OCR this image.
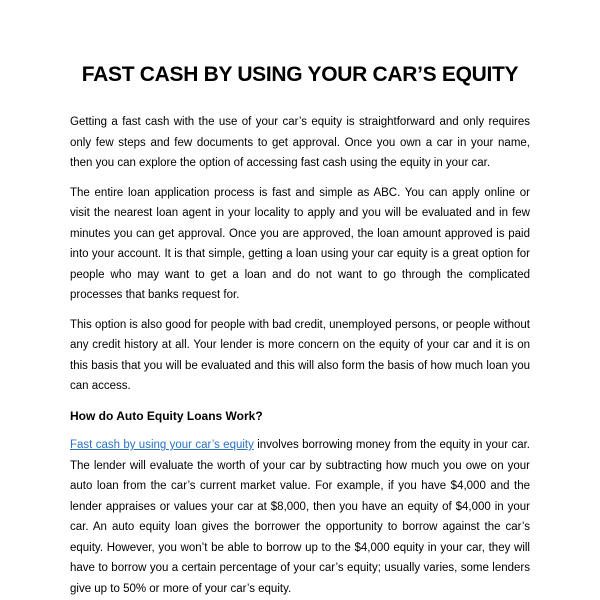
FAST CASH BY USING YOUR CAR’S EQUITY

Getting a fast cash with the use of your car’s equity is straightforward and only requires only few steps and few documents to get approval. Once you own a car in your name, then you can explore the option of accessing fast cash using the equity in your car.

The entire loan application process is fast and simple as ABC. You can apply online or visit the nearest loan agent in your locality to apply and you will be evaluated and in few minutes you can get approval. Once you are approved, the loan amount approved is paid into your account. It is that simple, getting a loan using your car equity is a great option for people who may want to get a loan and do not want to go through the complicated processes that banks request for.

This option is also good for people with bad credit, unemployed persons, or people without any credit history at all. Your lender is more concern on the equity of your car and it is on this basis that you will be evaluated and this will also form the basis of how much loan you can access.

How do Auto Equity Loans Work?

Fast cash by using your car’s equity involves borrowing money from the equity in your car. The lender will evaluate the worth of your car by subtracting how much you owe on your auto loan from the car’s current market value. For example, if you have $4,000 and the lender appraises or values your car at $8,000, then you have an equity of $4,000 in your car. An auto equity loan gives the borrower the opportunity to borrow against the car’s equity. However, you won’t be able to borrow up to the $4,000 equity in your car, they will have to borrow you a certain percentage of your car’s equity; usually varies, some lenders give up to 50% or more of your car’s equity.
